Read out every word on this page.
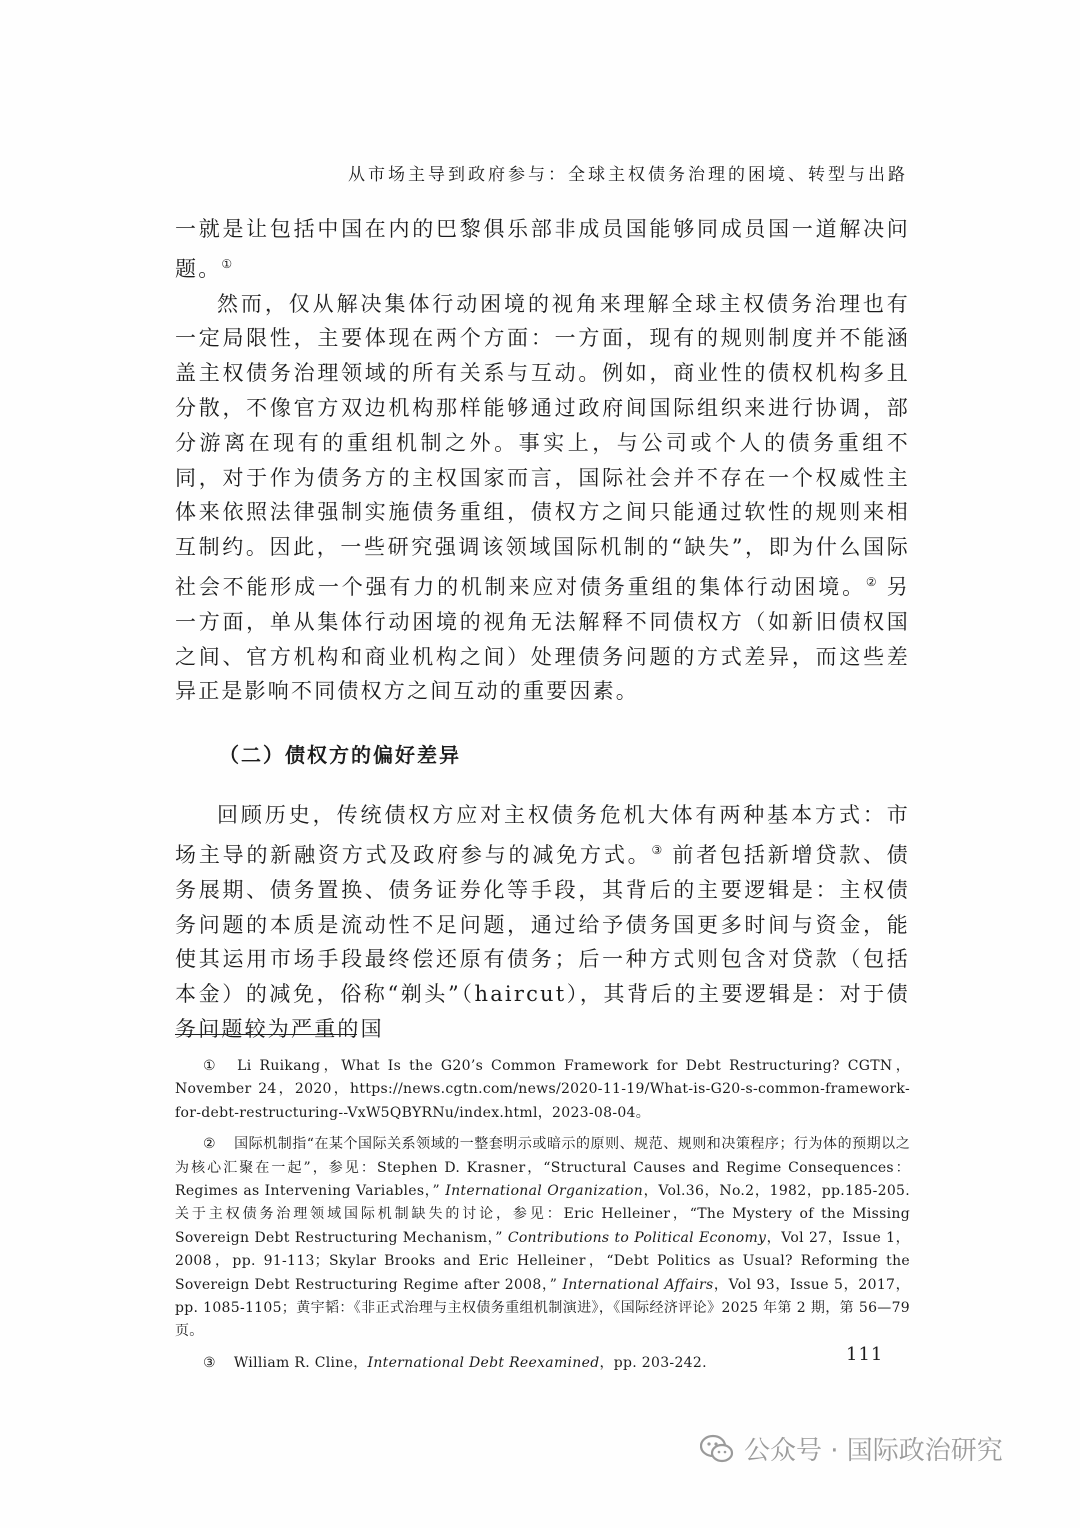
从市场主导到政府参与：全球主权债务治理的困境、转型与出路

一就是让包括中国在内的巴黎俱乐部非成员国能够同成员国一道解决问题。①

然而，仅从解决集体行动困境的视角来理解全球主权债务治理也有一定局限性，主要体现在两个方面：一方面，现有的规则制度并不能涵盖主权债务治理领域的所有关系与互动。例如，商业性的债权机构多且分散，不像官方双边机构那样能够通过政府间国际组织来进行协调，部分游离在现有的重组机制之外。事实上，与公司或个人的债务重组不同，对于作为债务方的主权国家而言，国际社会并不存在一个权威性主体来依照法律强制实施债务重组，债权方之间只能通过软性的规则来相互制约。因此，一些研究强调该领域国际机制的“缺失”，即为什么国际社会不能形成一个强有力的机制来应对债务重组的集体行动困境。② 另一方面，单从集体行动困境的视角无法解释不同债权方（如新旧债权国之间、官方机构和商业机构之间）处理债务问题的方式差异，而这些差异正是影响不同债权方之间互动的重要因素。

（二）债权方的偏好差异

回顾历史，传统债权方应对主权债务危机大体有两种基本方式：市场主导的新融资方式及政府参与的减免方式。③ 前者包括新增贷款、债务展期、债务置换、债务证券化等手段，其背后的主要逻辑是：主权债务问题的本质是流动性不足问题，通过给予债务国更多时间与资金，能使其运用市场手段最终偿还原有债务；后一种方式则包含对贷款（包括本金）的减免，俗称“剃头”（haircut），其背后的主要逻辑是：对于债务问题较为严重的国

① Li Ruikang，What Is the G20’s Common Framework for Debt Restructuring? CGTN，November 24，2020，https://news.cgtn.com/news/2020-11-19/What-is-G20-s-common-framework-for-debt-restructuring--VxW5QBYRNu/index.html，2023-08-04。

② 国际机制指“在某个国际关系领域的一整套明示或暗示的原则、规范、规则和决策程序；行为体的预期以之为核心汇聚在一起”，参见：Stephen D. Krasner，“Structural Causes and Regime Consequences：Regimes as Intervening Variables，” International Organization，Vol.36，No.2，1982，pp.185-205. 关于主权债务治理领域国际机制缺失的讨论，参见：Eric Helleiner，“The Mystery of the Missing Sovereign Debt Restructuring Mechanism，” Contributions to Political Economy，Vol 27，Issue 1，2008，pp. 91-113；Skylar Brooks and Eric Helleiner，“Debt Politics as Usual? Reforming the Sovereign Debt Restructuring Regime after 2008，” International Affairs，Vol 93，Issue 5，2017，pp. 1085-1105；黄宇韬：《非正式治理与主权债务重组机制演进》，《国际经济评论》2025 年第 2 期，第 56—79 页。

③ William R. Cline，International Debt Reexamined，pp. 203-242.	111
公众号 · 国际政治研究
